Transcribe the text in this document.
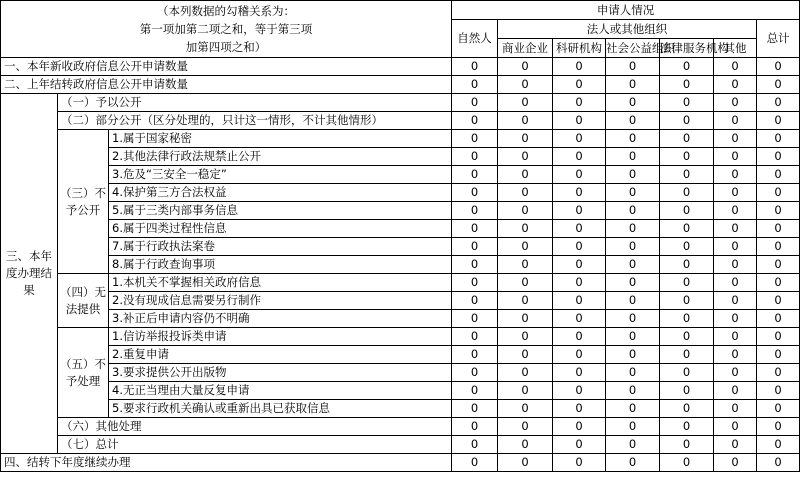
（本列数据的勾稽关系为：
第一项加第二项之和，等于第三项
加第四项之和）			申请人情况						
			自然人	法人或其他组织					总计
				商业企业	科研机构	社会公益组织	法律服务机构	其他	
一、本年新收政府信息公开申请数量			0	0	0	0	0	0	0
二、上年结转政府信息公开申请数量			0	0	0	0	0	0	0
三、本年度办理结果	（一）予以公开		0	0	0	0	0	0	0
	（二）部分公开（区分处理的，只计这一情形，不计其他情形）		0	0	0	0	0	0	0
	（三）不予公开	1.属于国家秘密	0	0	0	0	0	0	0
		2.其他法律行政法规禁止公开	0	0	0	0	0	0	0
		3.危及“三安全一稳定”	0	0	0	0	0	0	0
		4.保护第三方合法权益	0	0	0	0	0	0	0
		5.属于三类内部事务信息	0	0	0	0	0	0	0
		6.属于四类过程性信息	0	0	0	0	0	0	0
		7.属于行政执法案卷	0	0	0	0	0	0	0
		8.属于行政查询事项	0	0	0	0	0	0	0
	（四）无法提供	1.本机关不掌握相关政府信息	0	0	0	0	0	0	0
		2.没有现成信息需要另行制作	0	0	0	0	0	0	0
		3.补正后申请内容仍不明确	0	0	0	0	0	0	0
	（五）不予处理	1.信访举报投诉类申请	0	0	0	0	0	0	0
		2.重复申请	0	0	0	0	0	0	0
		3.要求提供公开出版物	0	0	0	0	0	0	0
		4.无正当理由大量反复申请	0	0	0	0	0	0	0
		5.要求行政机关确认或重新出具已获取信息	0	0	0	0	0	0	0
	（六）其他处理		0	0	0	0	0	0	0
	（七）总计		0	0	0	0	0	0	0
四、结转下年度继续办理			0	0	0	0	0	0	0
